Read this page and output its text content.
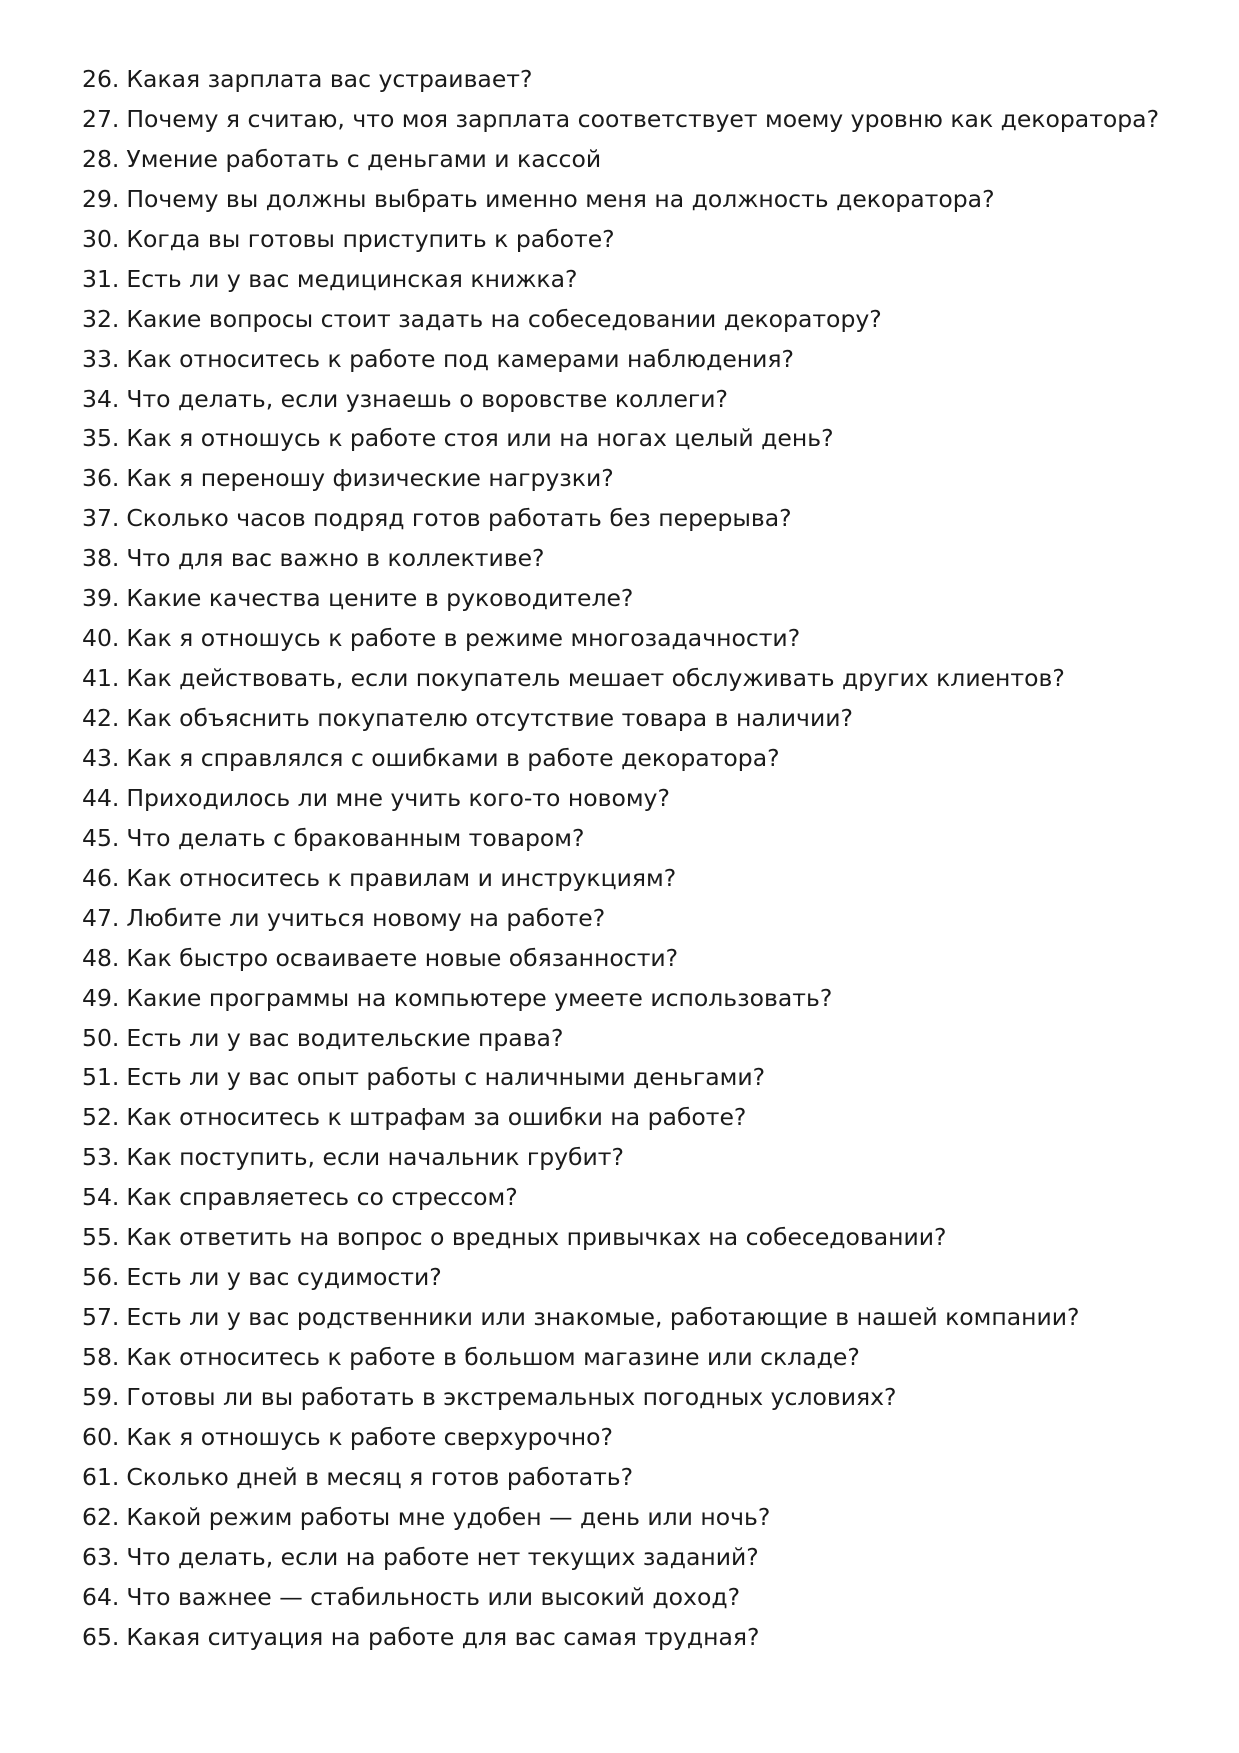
26. Какая зарплата вас устраивает?
27. Почему я считаю, что моя зарплата соответствует моему уровню как декоратора?
28. Умение работать с деньгами и кассой
29. Почему вы должны выбрать именно меня на должность декоратора?
30. Когда вы готовы приступить к работе?
31. Есть ли у вас медицинская книжка?
32. Какие вопросы стоит задать на собеседовании декоратору?
33. Как относитесь к работе под камерами наблюдения?
34. Что делать, если узнаешь о воровстве коллеги?
35. Как я отношусь к работе стоя или на ногах целый день?
36. Как я переношу физические нагрузки?
37. Сколько часов подряд готов работать без перерыва?
38. Что для вас важно в коллективе?
39. Какие качества цените в руководителе?
40. Как я отношусь к работе в режиме многозадачности?
41. Как действовать, если покупатель мешает обслуживать других клиентов?
42. Как объяснить покупателю отсутствие товара в наличии?
43. Как я справлялся с ошибками в работе декоратора?
44. Приходилось ли мне учить кого-то новому?
45. Что делать с бракованным товаром?
46. Как относитесь к правилам и инструкциям?
47. Любите ли учиться новому на работе?
48. Как быстро осваиваете новые обязанности?
49. Какие программы на компьютере умеете использовать?
50. Есть ли у вас водительские права?
51. Есть ли у вас опыт работы с наличными деньгами?
52. Как относитесь к штрафам за ошибки на работе?
53. Как поступить, если начальник грубит?
54. Как справляетесь со стрессом?
55. Как ответить на вопрос о вредных привычках на собеседовании?
56. Есть ли у вас судимости?
57. Есть ли у вас родственники или знакомые, работающие в нашей компании?
58. Как относитесь к работе в большом магазине или складе?
59. Готовы ли вы работать в экстремальных погодных условиях?
60. Как я отношусь к работе сверхурочно?
61. Сколько дней в месяц я готов работать?
62. Какой режим работы мне удобен — день или ночь?
63. Что делать, если на работе нет текущих заданий?
64. Что важнее — стабильность или высокий доход?
65. Какая ситуация на работе для вас самая трудная?
